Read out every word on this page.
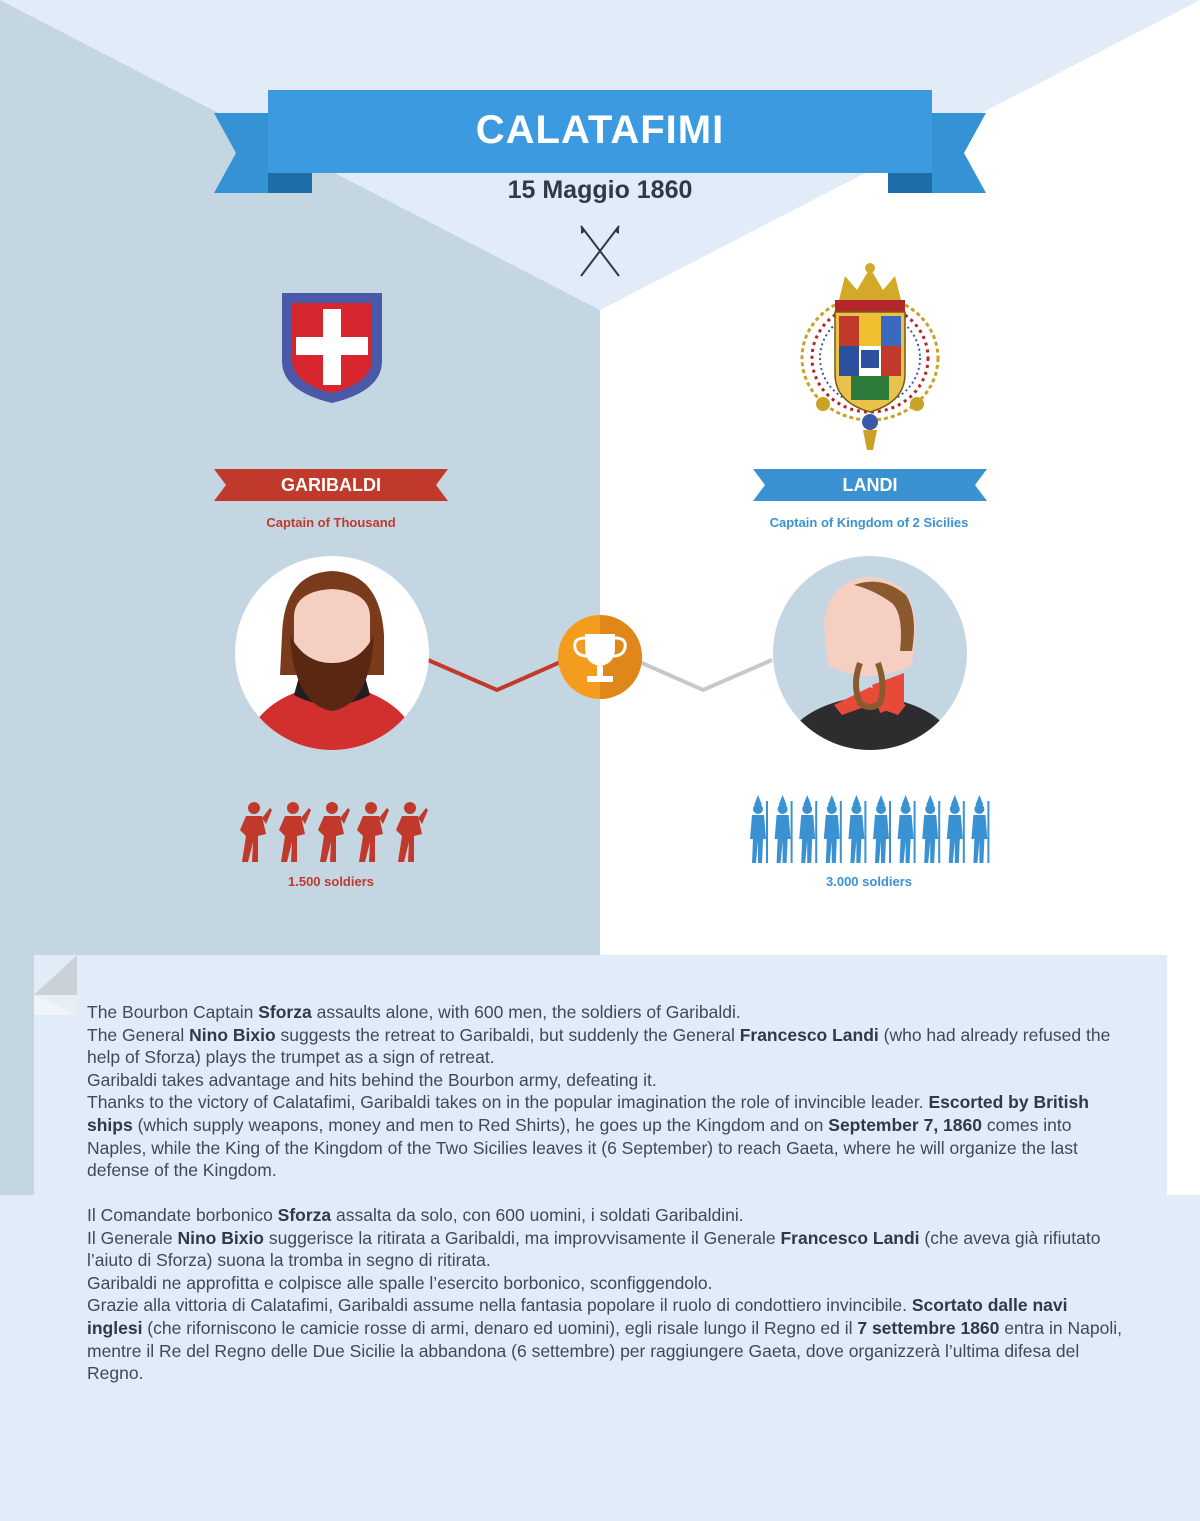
CALATAFIMI
15 Maggio 1860
GARIBALDI
Captain of Thousand
LANDI
Captain of Kingdom of 2 Sicilies
1.500 soldiers	3.000 soldiers

The Bourbon Captain Sforza assaults alone, with 600 men, the soldiers of Garibaldi.

The General Nino Bixio suggests the retreat to Garibaldi, but suddenly the General Francesco Landi (who had already refused the help of Sforza) plays the trumpet as a sign of retreat.

Garibaldi takes advantage and hits behind the Bourbon army, defeating it.

Thanks to the victory of Calatafimi, Garibaldi takes on in the popular imagination the role of invincible leader. Escorted by British ships (which supply weapons, money and men to Red Shirts), he goes up the Kingdom and on September 7, 1860 comes into Naples, while the King of the Kingdom of the Two Sicilies leaves it (6 September) to reach Gaeta, where he will organize the last defense of the Kingdom.

Il Comandate borbonico Sforza assalta da solo, con 600 uomini, i soldati Garibaldini.

Il Generale Nino Bixio suggerisce la ritirata a Garibaldi, ma improvvisamente il Generale Francesco Landi (che aveva già rifiutato l’aiuto di Sforza) suona la tromba in segno di ritirata.

Garibaldi ne approfitta e colpisce alle spalle l’esercito borbonico, sconfiggendolo.

Grazie alla vittoria di Calatafimi, Garibaldi assume nella fantasia popolare il ruolo di condottiero invincibile. Scortato dalle navi inglesi (che riforniscono le camicie rosse di armi, denaro ed uomini), egli risale lungo il Regno ed il 7 settembre 1860 entra in Napoli, mentre il Re del Regno delle Due Sicilie la abbandona (6 settembre) per raggiungere Gaeta, dove organizzerà l’ultima difesa del Regno.
